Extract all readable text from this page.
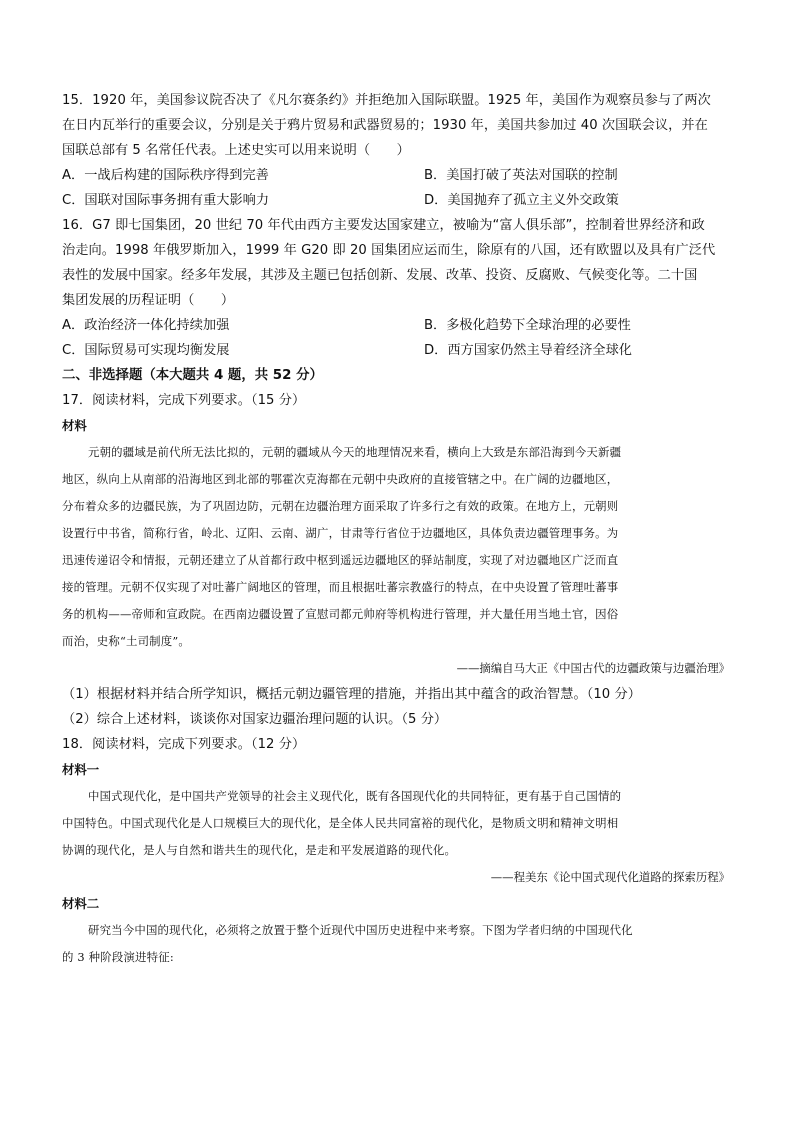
15．1920 年，美国参议院否决了《凡尔赛条约》并拒绝加入国际联盟。1925 年，美国作为观察员参与了两次
在日内瓦举行的重要会议，分别是关于鸦片贸易和武器贸易的；1930 年，美国共参加过 40 次国联会议，并在
国联总部有 5 名常任代表。上述史实可以用来说明（　　）
A．一战后构建的国际秩序得到完善	B．美国打破了英法对国联的控制
C．国联对国际事务拥有重大影响力	D．美国抛弃了孤立主义外交政策
16．G7 即七国集团，20 世纪 70 年代由西方主要发达国家建立，被喻为“富人俱乐部”，控制着世界经济和政
治走向。1998 年俄罗斯加入，1999 年 G20 即 20 国集团应运而生，除原有的八国，还有欧盟以及具有广泛代
表性的发展中国家。经多年发展，其涉及主题已包括创新、发展、改革、投资、反腐败、气候变化等。二十国
集团发展的历程证明（　　）
A．政治经济一体化持续加强	B．多极化趋势下全球治理的必要性
C．国际贸易可实现均衡发展	D．西方国家仍然主导着经济全球化
二、非选择题（本大题共 4 题，共 52 分）
17．阅读材料，完成下列要求。（15 分）
材料
元朝的疆域是前代所无法比拟的，元朝的疆域从今天的地理情况来看，横向上大致是东部沿海到今天新疆
地区，纵向上从南部的沿海地区到北部的鄂霍次克海都在元朝中央政府的直接管辖之中。在广阔的边疆地区，
分布着众多的边疆民族，为了巩固边防，元朝在边疆治理方面采取了许多行之有效的政策。在地方上，元朝则
设置行中书省，简称行省，岭北、辽阳、云南、湖广，甘肃等行省位于边疆地区，具体负责边疆管理事务。为
迅速传递诏令和情报，元朝还建立了从首都行政中枢到遥远边疆地区的驿站制度，实现了对边疆地区广泛而直
接的管理。元朝不仅实现了对吐蕃广阔地区的管理，而且根据吐蕃宗教盛行的特点，在中央设置了管理吐蕃事
务的机构——帝师和宣政院。在西南边疆设置了宣慰司都元帅府等机构进行管理，并大量任用当地土官，因俗
而治，史称“土司制度”。
——摘编自马大正《中国古代的边疆政策与边疆治理》
（1）根据材料并结合所学知识，概括元朝边疆管理的措施，并指出其中蕴含的政治智慧。（10 分）
（2）综合上述材料，谈谈你对国家边疆治理问题的认识。（5 分）
18．阅读材料，完成下列要求。（12 分）
材料一
中国式现代化，是中国共产党领导的社会主义现代化，既有各国现代化的共同特征，更有基于自己国情的
中国特色。中国式现代化是人口规模巨大的现代化，是全体人民共同富裕的现代化，是物质文明和精神文明相
协调的现代化，是人与自然和谐共生的现代化，是走和平发展道路的现代化。
——程美东《论中国式现代化道路的探索历程》
材料二
研究当今中国的现代化，必须将之放置于整个近现代中国历史进程中来考察。下图为学者归纳的中国现代化
的 3 种阶段演进特征:
